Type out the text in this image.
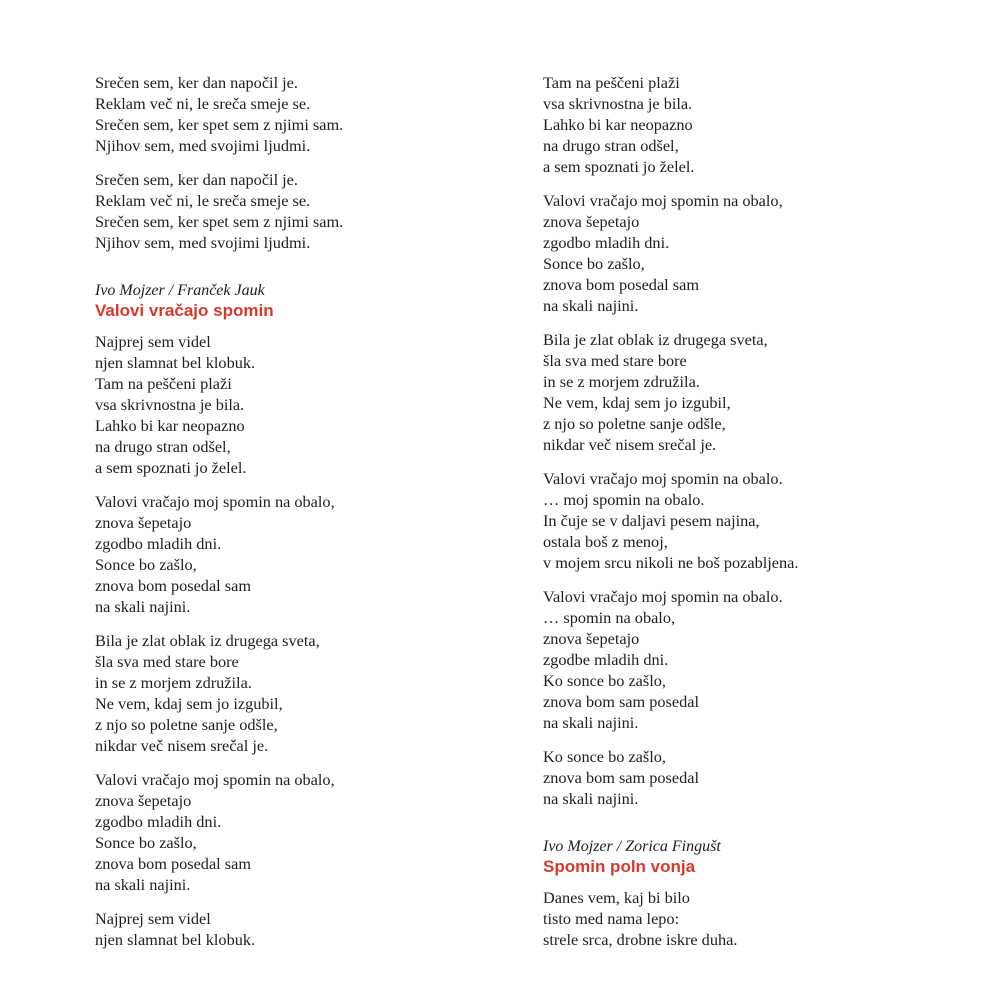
Srečen sem, ker dan napočil je.
Reklam več ni, le sreča smeje se.
Srečen sem, ker spet sem z njimi sam.
Njihov sem, med svojimi ljudmi.
Srečen sem, ker dan napočil je.
Reklam več ni, le sreča smeje se.
Srečen sem, ker spet sem z njimi sam.
Njihov sem, med svojimi ljudmi.
Ivo Mojzer / Franček Jauk
Valovi vračajo spomin
Najprej sem videl
njen slamnat bel klobuk.
Tam na peščeni plaži
vsa skrivnostna je bila.
Lahko bi kar neopazno
na drugo stran odšel,
a sem spoznati jo želel.
Valovi vračajo moj spomin na obalo,
znova šepetajo
zgodbo mladih dni.
Sonce bo zašlo,
znova bom posedal sam
na skali najini.
Bila je zlat oblak iz drugega sveta,
šla sva med stare bore
in se z morjem združila.
Ne vem, kdaj sem jo izgubil,
z njo so poletne sanje odšle,
nikdar več nisem srečal je.
Valovi vračajo moj spomin na obalo,
znova šepetajo
zgodbo mladih dni.
Sonce bo zašlo,
znova bom posedal sam
na skali najini.
Najprej sem videl
njen slamnat bel klobuk.
Tam na peščeni plaži
vsa skrivnostna je bila.
Lahko bi kar neopazno
na drugo stran odšel,
a sem spoznati jo želel.
Valovi vračajo moj spomin na obalo,
znova šepetajo
zgodbo mladih dni.
Sonce bo zašlo,
znova bom posedal sam
na skali najini.
Bila je zlat oblak iz drugega sveta,
šla sva med stare bore
in se z morjem združila.
Ne vem, kdaj sem jo izgubil,
z njo so poletne sanje odšle,
nikdar več nisem srečal je.
Valovi vračajo moj spomin na obalo.
… moj spomin na obalo.
In čuje se v daljavi pesem najina,
ostala boš z menoj,
v mojem srcu nikoli ne boš pozabljena.
Valovi vračajo moj spomin na obalo.
… spomin na obalo,
znova šepetajo
zgodbe mladih dni.
Ko sonce bo zašlo,
znova bom sam posedal
na skali najini.
Ko sonce bo zašlo,
znova bom sam posedal
na skali najini.
Ivo Mojzer / Zorica Fingušt
Spomin poln vonja
Danes vem, kaj bi bilo
tisto med nama lepo:
strele srca, drobne iskre duha.
